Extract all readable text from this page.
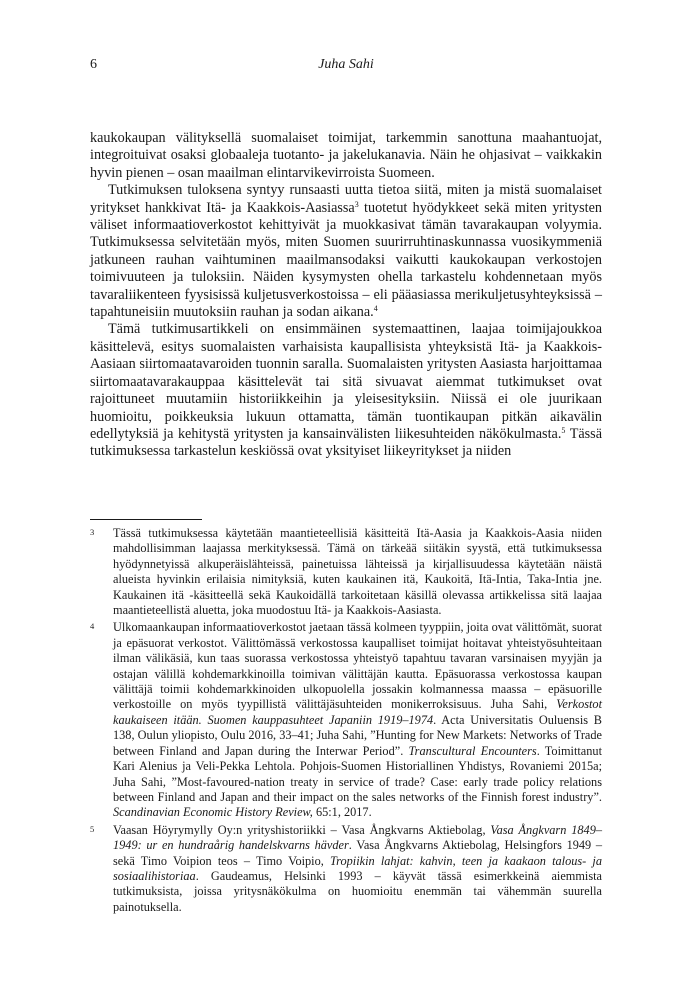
6	Juha Sahi

kaukokaupan välityksellä suomalaiset toimijat, tarkemmin sanottuna maahantuojat, integroituivat osaksi globaaleja tuotanto- ja jakelukanavia. Näin he ohjasivat – vaikkakin hyvin pienen – osan maailman elintarvikevirroista Suomeen.

Tutkimuksen tuloksena syntyy runsaasti uutta tietoa siitä, miten ja mistä suomalaiset yritykset hankkivat Itä- ja Kaakkois-Aasiassa$^3$ tuotetut hyödykkeet sekä miten yritysten väliset informaatioverkostot kehittyivät ja muokkasivat tämän tavarakaupan volyymia. Tutkimuksessa selvitetään myös, miten Suomen suurirruhtinaskunnassa vuosikymmeniä jatkuneen rauhan vaihtuminen maailmansodaksi vaikutti kaukokaupan verkostojen toimivuuteen ja tuloksiin. Näiden kysymysten ohella tarkastelu kohdennetaan myös tavaraliikenteen fyysisissä kuljetusverkostoissa – eli pääasiassa merikuljetusyhteyksissä – tapahtuneisiin muutoksiin rauhan ja sodan aikana.$^4$

Tämä tutkimusartikkeli on ensimmäinen systemaattinen, laajaa toimijajoukkoa käsittelevä, esitys suomalaisten varhaisista kaupallisista yhteyksistä Itä- ja Kaakkois-Aasiaan siirtomaatavaroiden tuonnin saralla. Suomalaisten yritysten Aasiasta harjoittamaa siirtomaatavarakauppaa käsittelevät tai sitä sivuavat aiemmat tutkimukset ovat rajoittuneet muutamiin historiikkeihin ja yleisesityksiin. Niissä ei ole juurikaan huomioitu, poikkeuksia lukuun ottamatta, tämän tuontikaupan pitkän aikavälin edellytyksiä ja kehitystä yritysten ja kansainvälisten liikesuhteiden näkökulmasta.$^5$ Tässä tutkimuksessa tarkastelun keskiössä ovat yksityiset liikeyritykset ja niiden

3 Tässä tutkimuksessa käytetään maantieteellisiä käsitteitä Itä-Aasia ja Kaakkois-Aasia niiden mahdollisimman laajassa merkityksessä. Tämä on tärkeää siitäkin syystä, että tutkimuksessa hyödynnetyissä alkuperäislähteissä, painetuissa lähteissä ja kirjallisuudessa käytetään näistä alueista hyvinkin erilaisia nimityksiä, kuten kaukainen itä, Kaukoitä, Itä-Intia, Taka-Intia jne. Kaukainen itä -käsitteellä sekä Kaukoidällä tarkoitetaan käsillä olevassa artikkelissa sitä laajaa maantieteellistä aluetta, joka muodostuu Itä- ja Kaakkois-Aasiasta.
4 Ulkomaankaupan informaatioverkostot jaetaan tässä kolmeen tyyppiin, joita ovat välittömät, suorat ja epäsuorat verkostot. Välittömässä verkostossa kaupalliset toimijat hoitavat yhteistyösuhteitaan ilman välikäsiä, kun taas suorassa verkostossa yhteistyö tapahtuu tavaran varsinaisen myyjän ja ostajan välillä kohdemarkkinoilla toimivan välittäjän kautta. Epäsuorassa verkostossa kaupan välittäjä toimii kohdemarkkinoiden ulkopuolella jossakin kolmannessa maassa – epäsuorille verkostoille on myös tyypillistä välittäjäsuhteiden monikerroksisuus. Juha Sahi, Verkostot kaukaiseen itään. Suomen kauppasuhteet Japaniin 1919–1974. Acta Universitatis Ouluensis B 138, Oulun yliopisto, Oulu 2016, 33–41; Juha Sahi, ”Hunting for New Markets: Networks of Trade between Finland and Japan during the Interwar Period”. Transcultural Encounters. Toimittanut Kari Alenius ja Veli-Pekka Lehtola. Pohjois-Suomen Historiallinen Yhdistys, Rovaniemi 2015a; Juha Sahi, ”Most-favoured-nation treaty in service of trade? Case: early trade policy relations between Finland and Japan and their impact on the sales networks of the Finnish forest industry”. Scandinavian Economic History Review, 65:1, 2017.
5 Vaasan Höyrymylly Oy:n yrityshistoriikki – Vasa Ångkvarns Aktiebolag, Vasa Ångkvarn 1849–1949: ur en hundraårig handelskvarns hävder. Vasa Ångkvarns Aktiebolag, Helsingfors 1949 – sekä Timo Voipion teos – Timo Voipio, Tropiikin lahjat: kahvin, teen ja kaakaon talous- ja sosiaalihistoriaa. Gaudeamus, Helsinki 1993 – käyvät tässä esimerkkeinä aiemmista tutkimuksista, joissa yritysnäkökulma on huomioitu enemmän tai vähemmän suurella painotuksella.
